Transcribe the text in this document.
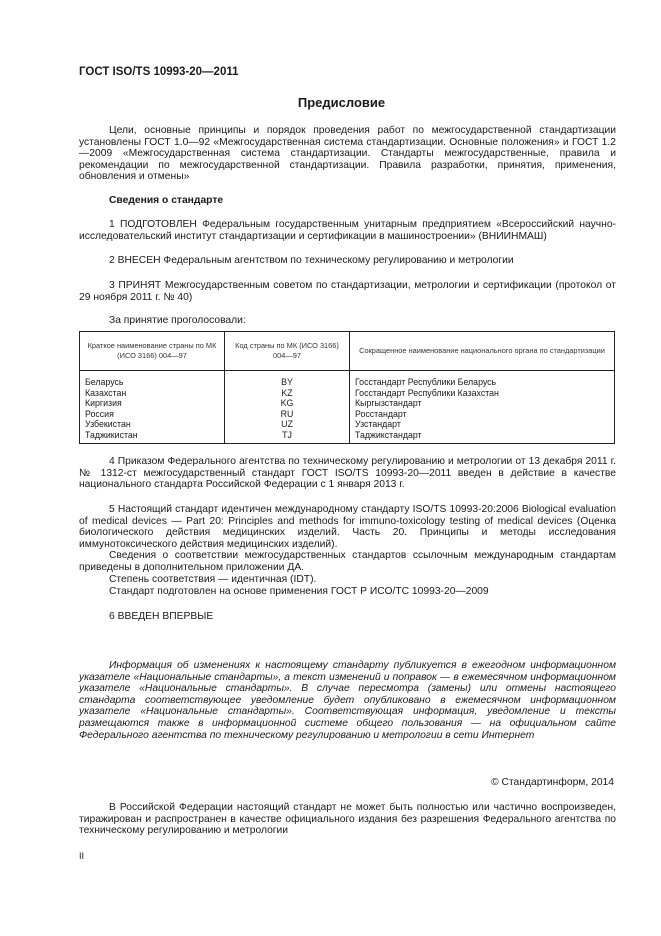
ГОСТ ISO/TS 10993-20—2011
Предисловие
Цели, основные принципы и порядок проведения работ по межгосударственной стандартизации установлены ГОСТ 1.0—92 «Межгосударственная система стандартизации. Основные положения» и ГОСТ 1.2—2009 «Межгосударственная система стандартизации. Стандарты межгосударственные, правила и рекомендации по межгосударственной стандартизации. Правила разработки, принятия, применения, обновления и отмены»
Сведения о стандарте
1 ПОДГОТОВЛЕН Федеральным государственным унитарным предприятием «Всероссийский научно-исследовательский институт стандартизации и сертификации в машиностроении» (ВНИИНМАШ)
2 ВНЕСЕН Федеральным агентством по техническому регулированию и метрологии
3 ПРИНЯТ Межгосударственным советом по стандартизации, метрологии и сертификации (протокол от 29 ноября 2011 г. № 40)
За принятие проголосовали:
Краткое наименование страны по МК (ИСО 3166) 004—97	Код страны по МК (ИСО 3166) 004—97	Сокращенное наименование национального органа по стандартизации
Беларусь	BY	Госстандарт Республики Беларусь
Казахстан	KZ	Госстандарт Республики Казахстан
Киргизия	KG	Кыргызстандарт
Россия	RU	Росстандарт
Узбекистан	UZ	Узстандарт
Таджикистан	TJ	Таджикстандарт
4 Приказом Федерального агентства по техническому регулированию и метрологии от 13 декабря 2011 г. № 1312-ст межгосударственный стандарт ГОСТ ISO/TS 10993-20—2011 введен в действие в качестве национального стандарта Российской Федерации с 1 января 2013 г.
5 Настоящий стандарт идентичен международному стандарту ISO/TS 10993-20:2006 Biological evaluation of medical devices — Part 20: Principles and methods for immuno-toxicology testing of medical devices (Оценка биологического действия медицинских изделий. Часть 20. Принципы и методы исследования иммунотоксического действия медицинских изделий).
Сведения о соответствии межгосударственных стандартов ссылочным международным стандартам приведены в дополнительном приложении ДА.
Степень соответствия — идентичная (IDT).
Стандарт подготовлен на основе применения ГОСТ Р ИСО/ТС 10993-20—2009
6 ВВЕДЕН ВПЕРВЫЕ
Информация об изменениях к настоящему стандарту публикуется в ежегодном информационном указателе «Национальные стандарты», а текст изменений и поправок — в ежемесячном информационном указателе «Национальные стандарты». В случае пересмотра (замены) или отмены настоящего стандарта соответствующее уведомление будет опубликовано в ежемесячном информационном указателе «Национальные стандарты». Соответствующая информация, уведомление и тексты размещаются также в информационной системе общего пользования — на официальном сайте Федерального агентства по техническому регулированию и метрологии в сети Интернет
© Стандартинформ, 2014
В Российской Федерации настоящий стандарт не может быть полностью или частично воспроизведен, тиражирован и распространен в качестве официального издания без разрешения Федерального агентства по техническому регулированию и метрологии
II
